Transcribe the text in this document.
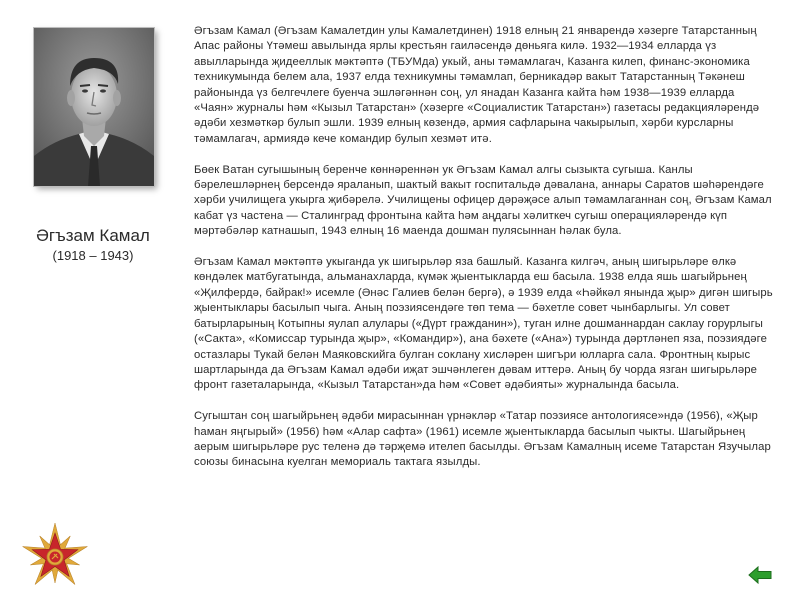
Әгъзам Камал
(1918 – 1943)

Әгъзам Камал (Әгъзам Камалетдин улы Камалетдинен) 1918 елның 21 январендә хәзерге Татарстанның Апас районы Үтәмеш авылында ярлы крестьян гаиләсендә дөньяга килә. 1932—1934 елларда үз авылларында җидееллык мәктәптә (ТБУМда) укый, аны тәмамлагач, Казанга килеп, финанс-экономика техникумында белем ала, 1937 елда техникумны тәмамлап, берникадәр вакыт Татарстанның Тәкәнеш районында үз белгечлеге буенча эшләгәннән соң, ул янадан Казанга кайта һәм 1938—1939 елларда «Чаян» журналы һәм «Кызыл Татарстан» (хәзерге «Социалистик Татарстан») газетасы редакцияләрендә әдәби хезмәткәр булып эшли. 1939 елның көзендә, армия сафларына чакырылып, хәрби курсларны тәмамлагач, армиядә кече командир булып хезмәт итә.

Бөек Ватан сугышының беренче көннәреннән ук Әгъзам Камал алгы сызыкта сугыша. Канлы бәрелешләрнең берсендә яраланып, шактый вакыт госпитальдә дәвалана, аннары Саратов шәһәрендәге хәрби училищега укырга җибәрелә. Училищены офицер дәрәҗәсе алып тәмамлаганнан соң, Әгъзам Камал кабат үз частена — Сталинград фронтына кайта һәм аңдагы хәлиткеч сугыш операцияләрендә күп мәртәбәләр катнашып, 1943 елның 16 маенда дошман пулясыннан һәлак була.

Әгъзам Камал мәктәптә укыганда ук шигырьләр яза башлый. Казанга килгәч, аның шигырьләре өлкә көндәлек матбугатында, альманахларда, күмәк җыентыкларда еш басыла. 1938 елда яшь шагыйрьнең «Җилфердә, байрак!» исемле (Әнәс Галиев белән бергә), ә 1939 елда «Һәйкәл янында җыр» дигән шигырь җыентыклары басылып чыга. Аның поэзиясендәге төп тема — бәхетле совет чынбарлыгы. Ул совет батырларының Котыпны яулап алулары («Дүрт гражданин»), туган илне дошманнардан саклау горурлыгы («Сакта», «Комиссар турында җыр», «Командир»), ана бәхете («Ана») турында дәртләнеп яза, поэзиядәге остазлары Тукай белән Маяковскийга булган соклану хисләрен шигъри юлларга сала. Фронтның кырыс шартларында да Әгъзам Камал әдәби иҗат эшчәнлеген дәвам иттерә. Аның бу чорда язган шигырьләре фронт газеталарында, «Кызыл Татарстан»да һәм «Совет әдәбияты» журналында басыла.

Сугыштан соң шагыйрьнең әдәби мирасыннан үрнәкләр «Татар поэзиясе антологиясе»ндә (1956), «Җыр һаман яңгырый» (1956) һәм «Алар сафта» (1961) исемле җыентыкларда басылып чыкты. Шагыйрьнең аерым шигырьләре рус теленә дә тәрҗемә ителеп басылды. Әгъзам Камалның исеме Татарстан Язучылар союзы бинасына куелган мемориаль тактага язылды.
